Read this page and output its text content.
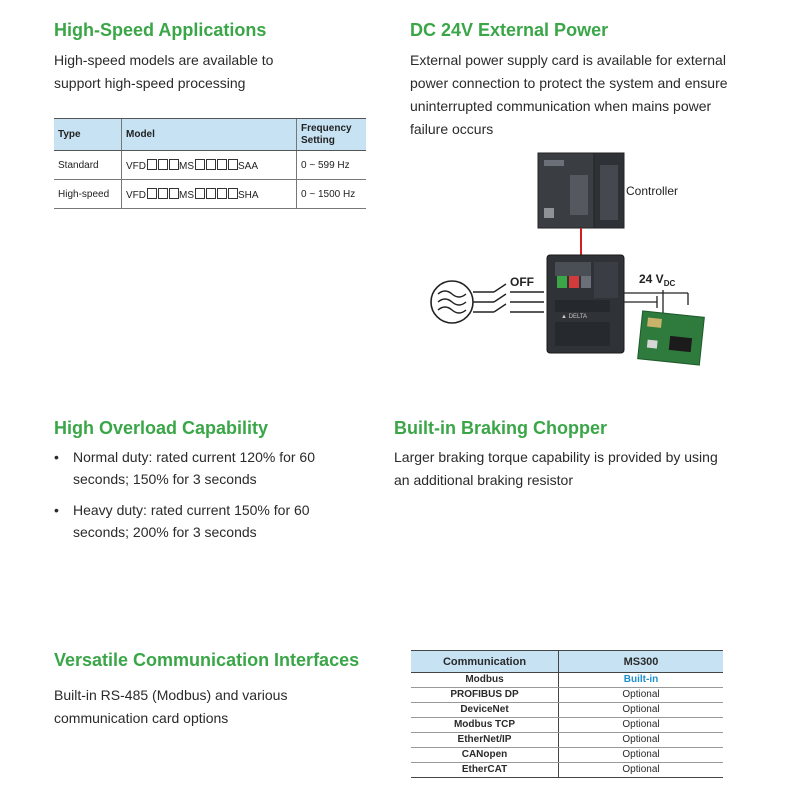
High-Speed Applications

High-speed models are available to support high-speed processing

Type	Model	Frequency Setting
Standard	VFD MS SAA	0 ~ 599 Hz
High-speed	VFD MS SHA	0 ~ 1500 Hz
DC 24V External Power

External power supply card is available for external power connection to protect the system and ensure uninterrupted communication when mains power failure occurs

Controller
OFF
▲ DELTA
24 $V_{DC}$
High Overload Capability
• Normal duty: rated current 120% for 60 seconds; 150% for 3 seconds
• Heavy duty: rated current 150% for 60 seconds; 200% for 3 seconds
Built-in Braking Chopper

Larger braking torque capability is provided by using an additional braking resistor

Versatile Communication Interfaces

Built-in RS-485 (Modbus) and various communication card options

Communication	MS300
Modbus	Built-in
PROFIBUS DP	Optional
DeviceNet	Optional
Modbus TCP	Optional
EtherNet/IP	Optional
CANopen	Optional
EtherCAT	Optional
